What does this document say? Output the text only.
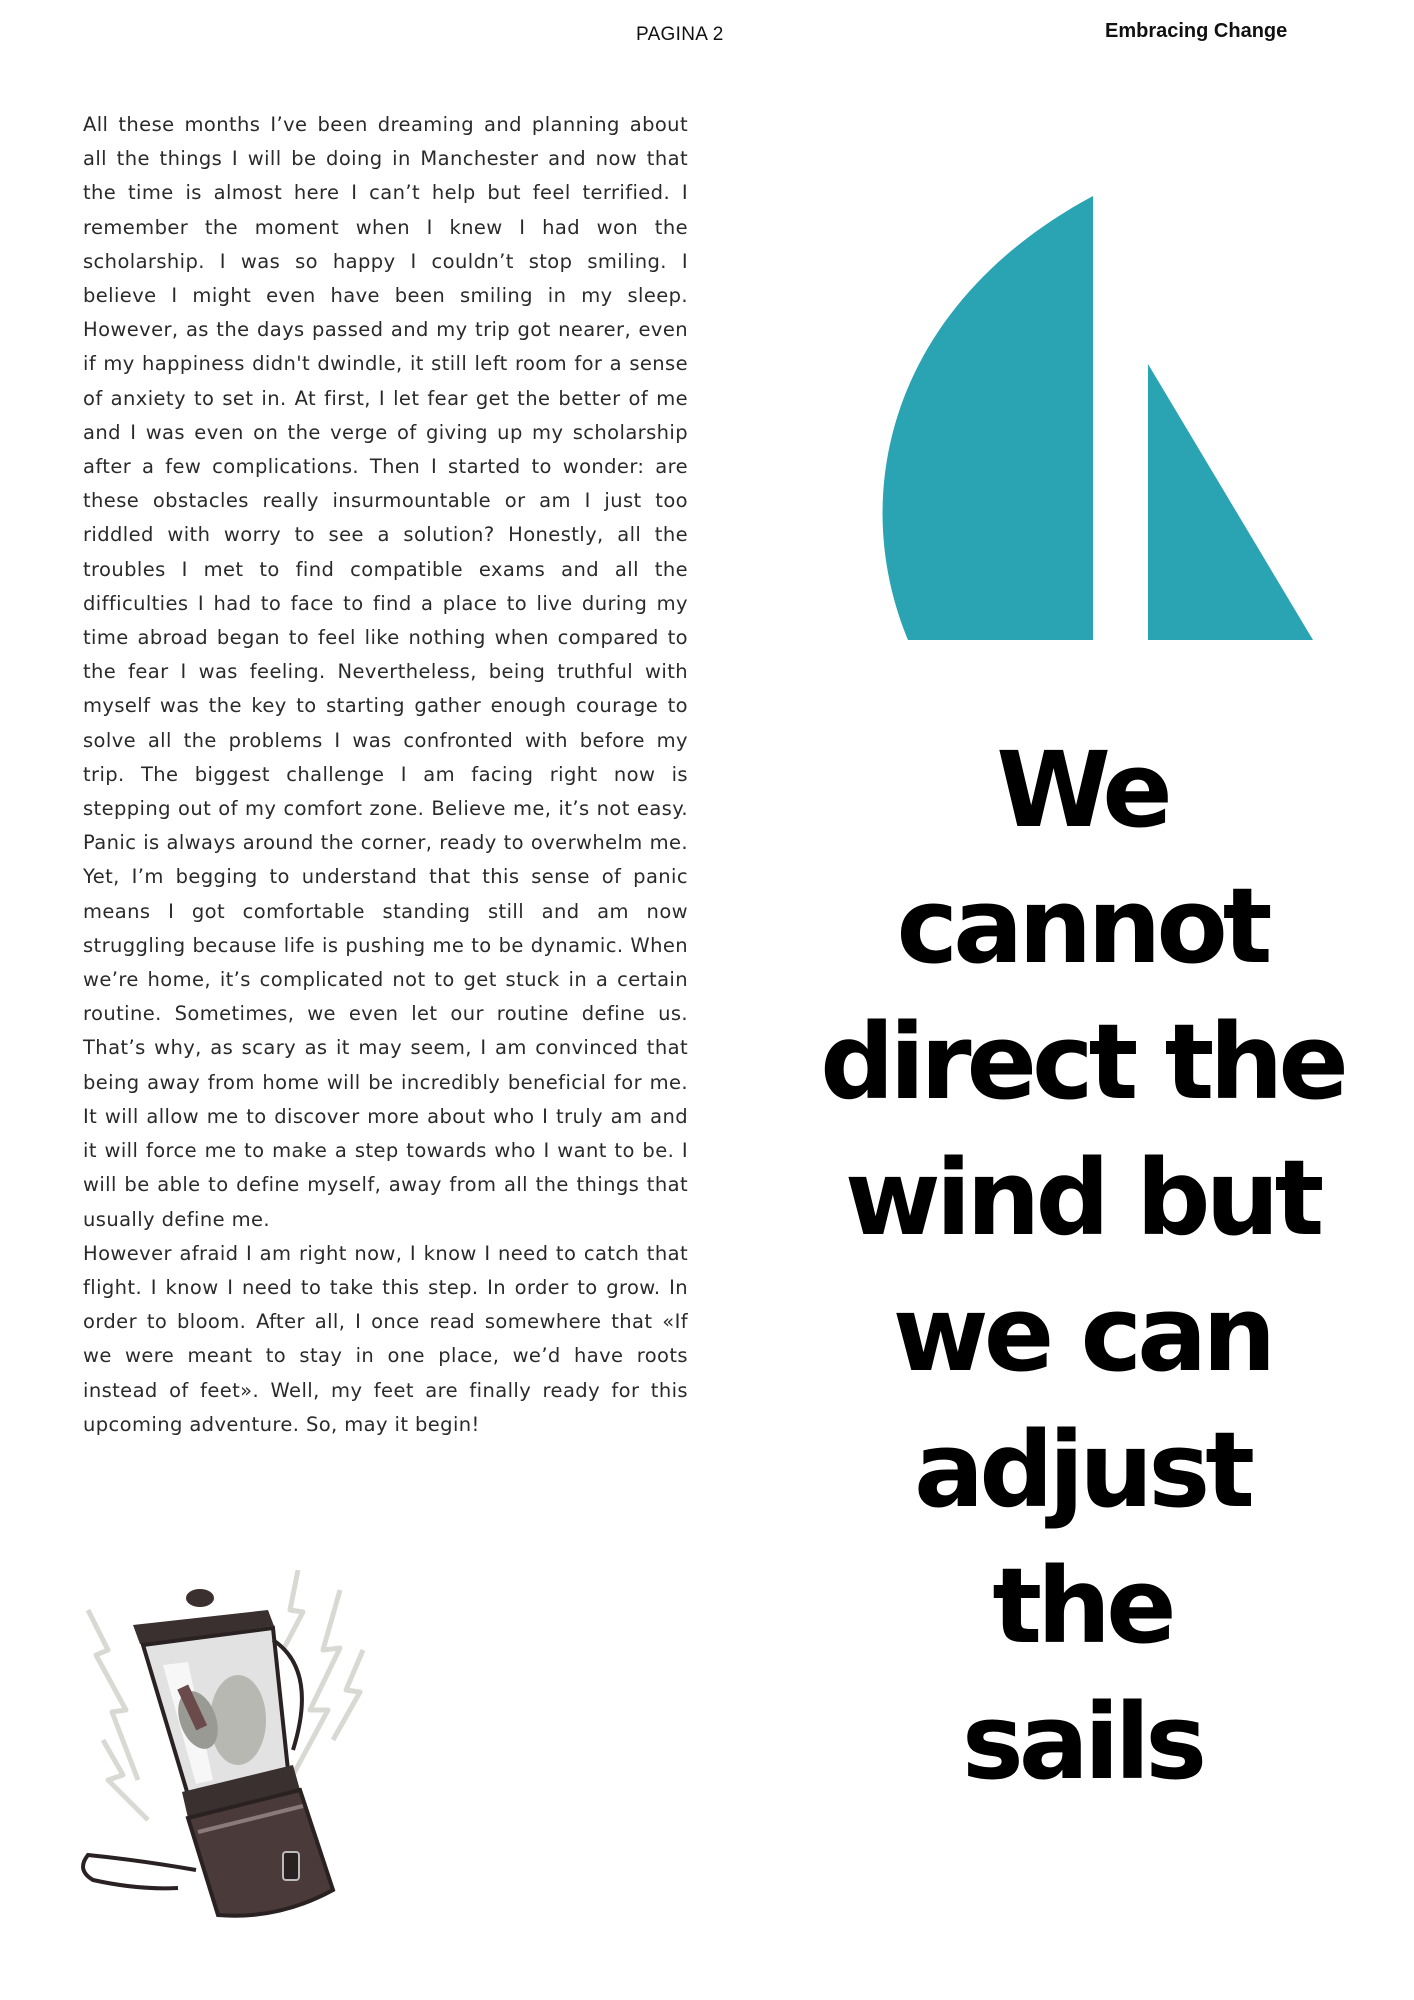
PAGINA 2	Embracing Change

All these months I’ve been dreaming and planning about all the things I will be doing in Manchester and now that the time is almost here I can’t help but feel terrified. I remember the moment when I knew I had won the scholarship. I was so happy I couldn’t stop smiling. I believe I might even have been smiling in my sleep. However, as the days passed and my trip got nearer, even if my happiness didn't dwindle, it still left room for a sense of anxiety to set in. At first, I let fear get the better of me and I was even on the verge of giving up my scholarship after a few complications. Then I started to wonder: are these obstacles really insurmountable or am I just too riddled with worry to see a solution? Honestly, all the troubles I met to find compatible exams and all the difficulties I had to face to find a place to live during my time abroad began to feel like nothing when compared to the fear I was feeling. Nevertheless, being truthful with myself was the key to starting gather enough courage to solve all the problems I was confronted with before my trip. The biggest challenge I am facing right now is stepping out of my comfort zone. Believe me, it’s not easy. Panic is always around the corner, ready to overwhelm me. Yet, I’m begging to understand that this sense of panic means I got comfortable standing still and am now struggling because life is pushing me to be dynamic. When we’re home, it’s complicated not to get stuck in a certain routine. Sometimes, we even let our routine define us. That’s why, as scary as it may seem, I am convinced that being away from home will be incredibly beneficial for me. It will allow me to discover more about who I truly am and it will force me to make a step towards who I want to be. I will be able to define myself, away from all the things that usually define me.

However afraid I am right now, I know I need to catch that flight. I know I need to take this step. In order to grow. In order to bloom. After all, I once read somewhere that «If we were meant to stay in one place, we’d have roots instead of feet». Well, my feet are finally ready for this upcoming adventure. So, may it begin!

We cannot
direct the
wind but
we can
adjust the
sails
